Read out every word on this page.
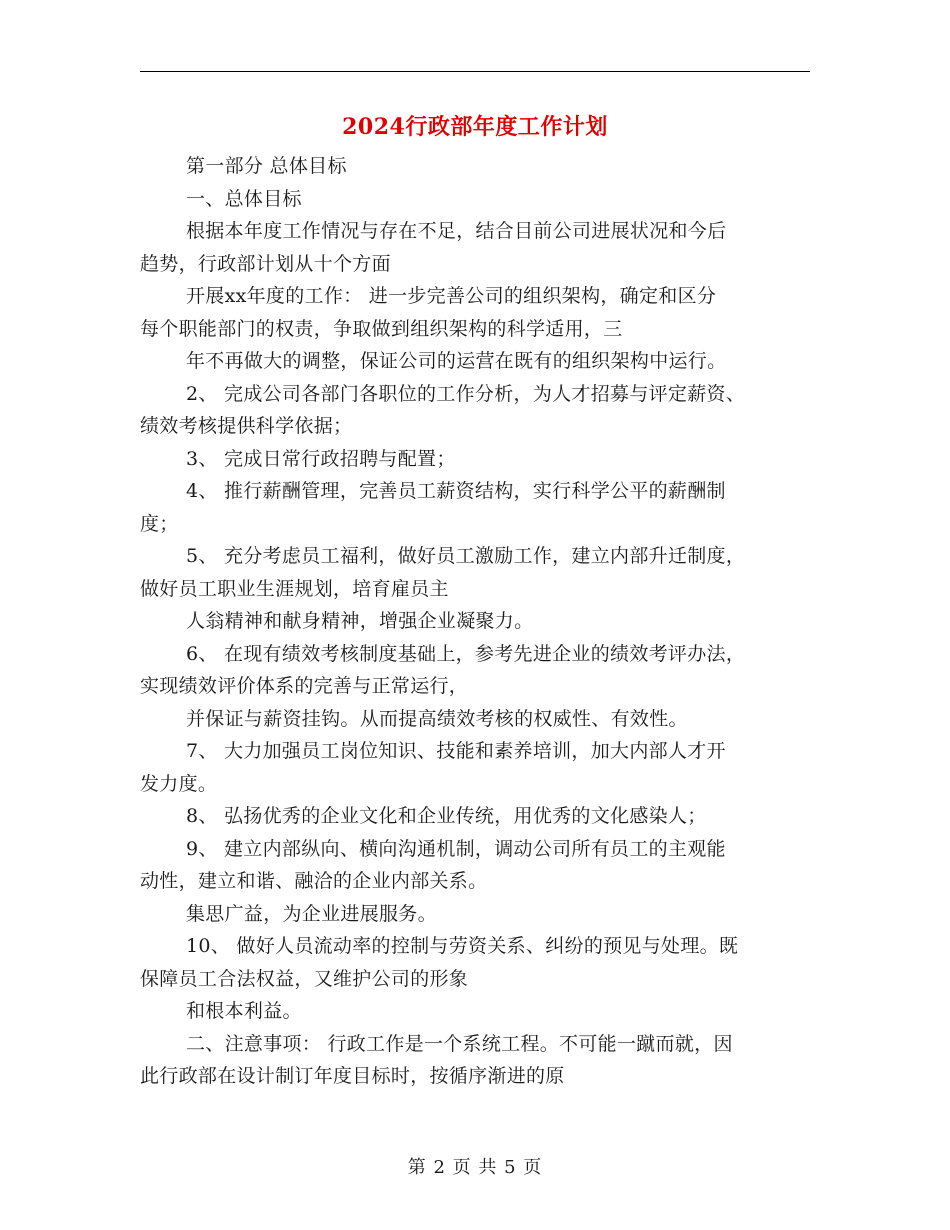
2024行政部年度工作计划
第一部分 总体目标
一、总体目标
根据本年度工作情况与存在不足，结合目前公司进展状况和今后
趋势，行政部计划从十个方面
开展xx年度的工作： 进一步完善公司的组织架构，确定和区分
每个职能部门的权责，争取做到组织架构的科学适用，三
年不再做大的调整，保证公司的运营在既有的组织架构中运行。
2、 完成公司各部门各职位的工作分析，为人才招募与评定薪资、
绩效考核提供科学依据；
3、 完成日常行政招聘与配置；
4、 推行薪酬管理，完善员工薪资结构，实行科学公平的薪酬制
度；
5、 充分考虑员工福利，做好员工激励工作，建立内部升迁制度，
做好员工职业生涯规划，培育雇员主
人翁精神和献身精神，增强企业凝聚力。
6、 在现有绩效考核制度基础上，参考先进企业的绩效考评办法，
实现绩效评价体系的完善与正常运行，
并保证与薪资挂钩。从而提高绩效考核的权威性、有效性。
7、 大力加强员工岗位知识、技能和素养培训，加大内部人才开
发力度。
8、 弘扬优秀的企业文化和企业传统，用优秀的文化感染人；
9、 建立内部纵向、横向沟通机制，调动公司所有员工的主观能
动性，建立和谐、融洽的企业内部关系。
集思广益，为企业进展服务。
10、 做好人员流动率的控制与劳资关系、纠纷的预见与处理。既
保障员工合法权益，又维护公司的形象
和根本利益。
二、注意事项： 行政工作是一个系统工程。不可能一蹴而就，因
此行政部在设计制订年度目标时，按循序渐进的原
第 2 页 共 5 页
